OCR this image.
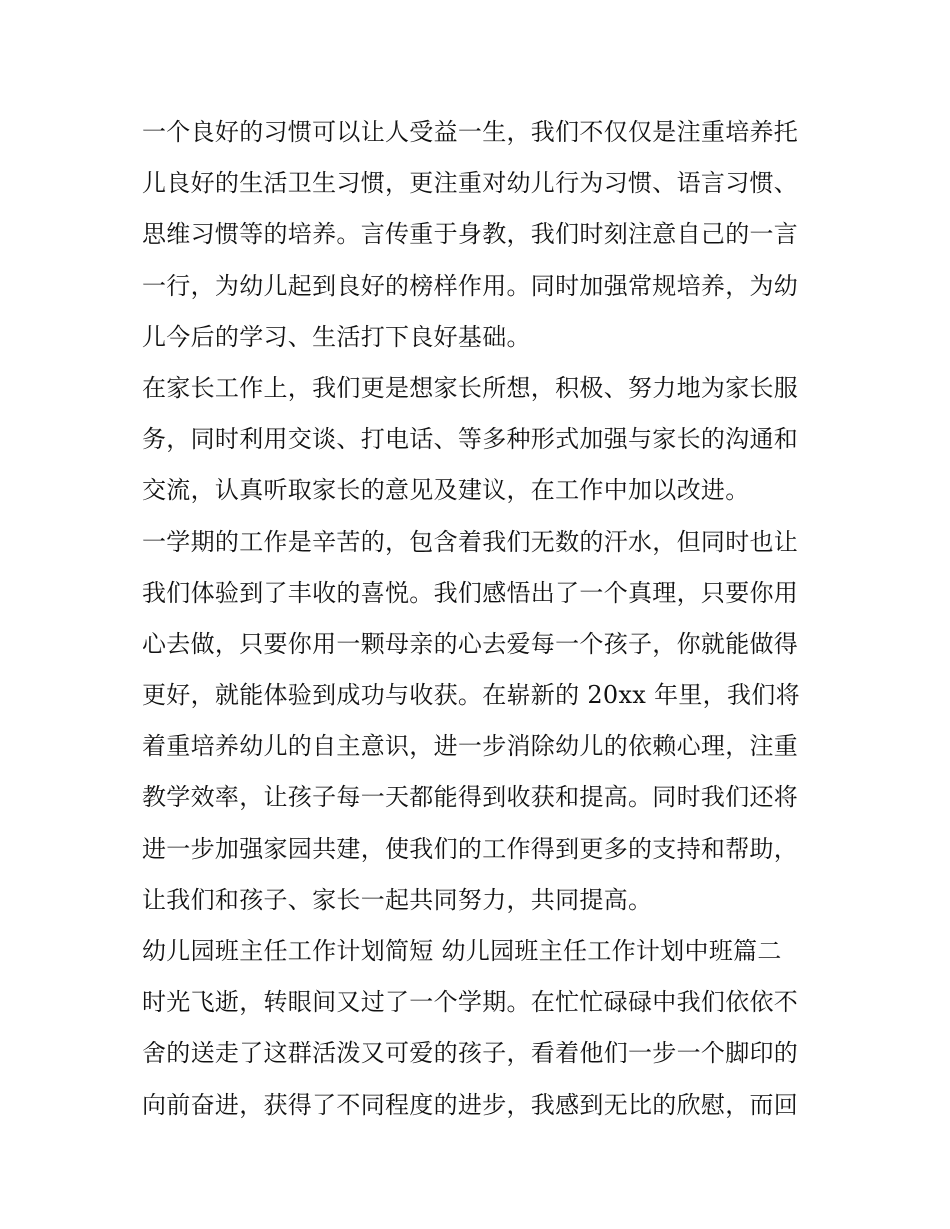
一个良好的习惯可以让人受益一生，我们不仅仅是注重培养托
儿良好的生活卫生习惯，更注重对幼儿行为习惯、语言习惯、
思维习惯等的培养。言传重于身教，我们时刻注意自己的一言
一行，为幼儿起到良好的榜样作用。同时加强常规培养，为幼
儿今后的学习、生活打下良好基础。
在家长工作上，我们更是想家长所想，积极、努力地为家长服
务，同时利用交谈、打电话、等多种形式加强与家长的沟通和
交流，认真听取家长的意见及建议，在工作中加以改进。
一学期的工作是辛苦的，包含着我们无数的汗水，但同时也让
我们体验到了丰收的喜悦。我们感悟出了一个真理，只要你用
心去做，只要你用一颗母亲的心去爱每一个孩子，你就能做得
更好，就能体验到成功与收获。在崭新的 20xx 年里，我们将
着重培养幼儿的自主意识，进一步消除幼儿的依赖心理，注重
教学效率，让孩子每一天都能得到收获和提高。同时我们还将
进一步加强家园共建，使我们的工作得到更多的支持和帮助，
让我们和孩子、家长一起共同努力，共同提高。
幼儿园班主任工作计划简短 幼儿园班主任工作计划中班篇二
时光飞逝，转眼间又过了一个学期。在忙忙碌碌中我们依依不
舍的送走了这群活泼又可爱的孩子，看着他们一步一个脚印的
向前奋进，获得了不同程度的进步，我感到无比的欣慰，而回
